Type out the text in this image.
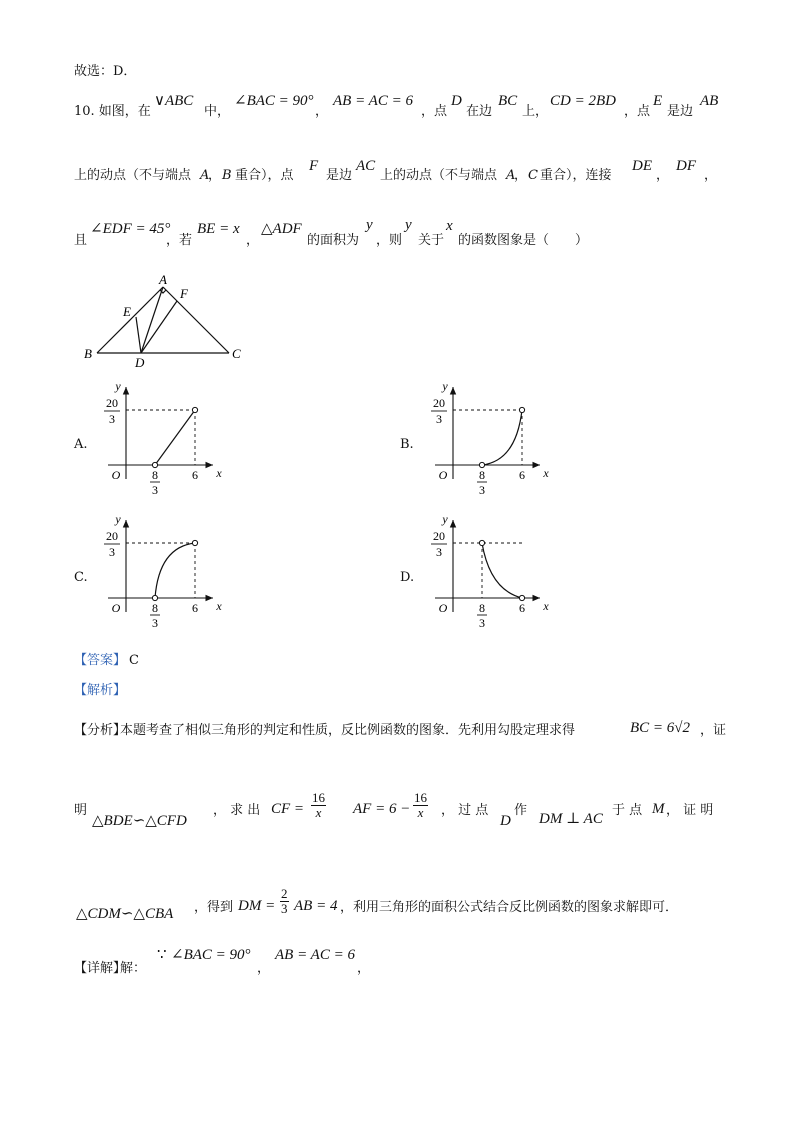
故选：D．
10. 如图，在
∨ABC
中，
∠BAC = 90°
，
AB = AC = 6
，点
D
在边
BC
上，
CD = 2BD
，点
E
是边
AB
上的动点（不与端点 A
， B 重合），点
F
是边
AC
上的动点（不与端点 A
， C 重合），连接
DE
，
DF
，
且
∠EDF = 45°
，若
BE = x
，
△ADF
的面积为
y
，则
y
关于
x
的函数图象是（　　）
A
B	C
D
E
F
A.	B.
C.	D.
y
x
O	6
8
3
20
3
y
x
O	6
8
3
20
3
y
x
O	6
8
3
20
3
y
x
O	6
8
3
20
3
【答案】 C
【解析】
【分析】
本题考查了相似三角形的判定和性质，反比例函数的图象．先利用勾股定理求得	BC = 6√2 ，证
明
△BDE∽△CFD
， 求 出 CF =
16
x AF = 6 −
16
x ， 过 点
D
作
DM ⊥ AC
于 点 M ， 证 明
△CDM∽△CBA ，得到 DM =
2
3 AB = 4 ，利用三角形的面积公式结合反比例函数的图象求解即可．
【详解】
解：
∵ ∠BAC = 90°
，
AB = AC = 6
，
